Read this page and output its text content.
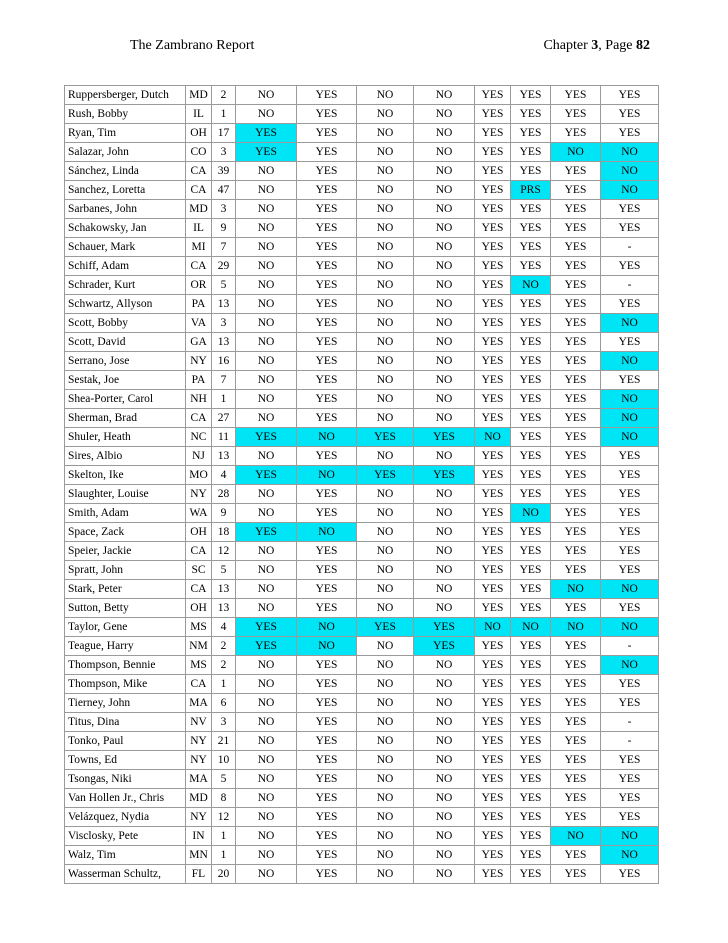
The Zambrano Report	Chapter 3, Page 82
Ruppersberger, Dutch	MD	2	NO	YES	NO	NO	YES	YES	YES	YES
Rush, Bobby	IL	1	NO	YES	NO	NO	YES	YES	YES	YES
Ryan, Tim	OH	17	YES	YES	NO	NO	YES	YES	YES	YES
Salazar, John	CO	3	YES	YES	NO	NO	YES	YES	NO	NO
Sánchez, Linda	CA	39	NO	YES	NO	NO	YES	YES	YES	NO
Sanchez, Loretta	CA	47	NO	YES	NO	NO	YES	PRS	YES	NO
Sarbanes, John	MD	3	NO	YES	NO	NO	YES	YES	YES	YES
Schakowsky, Jan	IL	9	NO	YES	NO	NO	YES	YES	YES	YES
Schauer, Mark	MI	7	NO	YES	NO	NO	YES	YES	YES	-
Schiff, Adam	CA	29	NO	YES	NO	NO	YES	YES	YES	YES
Schrader, Kurt	OR	5	NO	YES	NO	NO	YES	NO	YES	-
Schwartz, Allyson	PA	13	NO	YES	NO	NO	YES	YES	YES	YES
Scott, Bobby	VA	3	NO	YES	NO	NO	YES	YES	YES	NO
Scott, David	GA	13	NO	YES	NO	NO	YES	YES	YES	YES
Serrano, Jose	NY	16	NO	YES	NO	NO	YES	YES	YES	NO
Sestak, Joe	PA	7	NO	YES	NO	NO	YES	YES	YES	YES
Shea-Porter, Carol	NH	1	NO	YES	NO	NO	YES	YES	YES	NO
Sherman, Brad	CA	27	NO	YES	NO	NO	YES	YES	YES	NO
Shuler, Heath	NC	11	YES	NO	YES	YES	NO	YES	YES	NO
Sires, Albio	NJ	13	NO	YES	NO	NO	YES	YES	YES	YES
Skelton, Ike	MO	4	YES	NO	YES	YES	YES	YES	YES	YES
Slaughter, Louise	NY	28	NO	YES	NO	NO	YES	YES	YES	YES
Smith, Adam	WA	9	NO	YES	NO	NO	YES	NO	YES	YES
Space, Zack	OH	18	YES	NO	NO	NO	YES	YES	YES	YES
Speier, Jackie	CA	12	NO	YES	NO	NO	YES	YES	YES	YES
Spratt, John	SC	5	NO	YES	NO	NO	YES	YES	YES	YES
Stark, Peter	CA	13	NO	YES	NO	NO	YES	YES	NO	NO
Sutton, Betty	OH	13	NO	YES	NO	NO	YES	YES	YES	YES
Taylor, Gene	MS	4	YES	NO	YES	YES	NO	NO	NO	NO
Teague, Harry	NM	2	YES	NO	NO	YES	YES	YES	YES	-
Thompson, Bennie	MS	2	NO	YES	NO	NO	YES	YES	YES	NO
Thompson, Mike	CA	1	NO	YES	NO	NO	YES	YES	YES	YES
Tierney, John	MA	6	NO	YES	NO	NO	YES	YES	YES	YES
Titus, Dina	NV	3	NO	YES	NO	NO	YES	YES	YES	-
Tonko, Paul	NY	21	NO	YES	NO	NO	YES	YES	YES	-
Towns, Ed	NY	10	NO	YES	NO	NO	YES	YES	YES	YES
Tsongas, Niki	MA	5	NO	YES	NO	NO	YES	YES	YES	YES
Van Hollen Jr., Chris	MD	8	NO	YES	NO	NO	YES	YES	YES	YES
Velázquez, Nydia	NY	12	NO	YES	NO	NO	YES	YES	YES	YES
Visclosky, Pete	IN	1	NO	YES	NO	NO	YES	YES	NO	NO
Walz, Tim	MN	1	NO	YES	NO	NO	YES	YES	YES	NO
Wasserman Schultz,	FL	20	NO	YES	NO	NO	YES	YES	YES	YES
